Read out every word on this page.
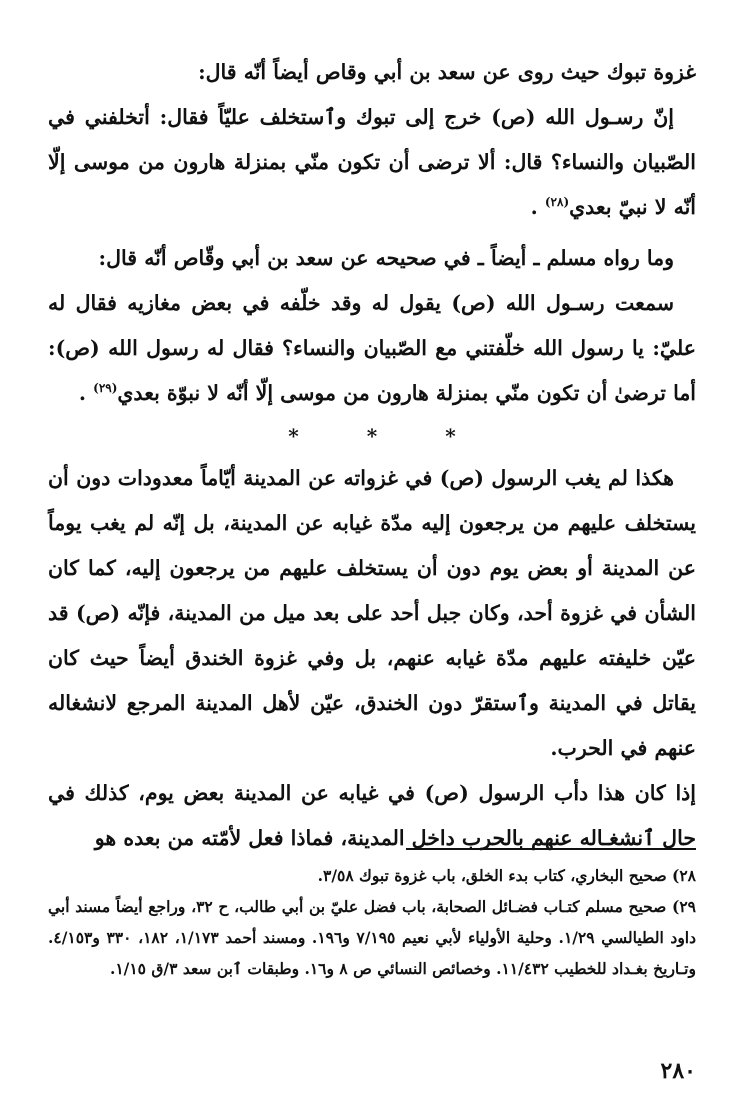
غزوة تبوك حيث روى عن سعد بن أبي وقاص أيضاً أنّه قال:

إنّ رسـول الله (ص) خرج إلى تبوك وٱستخلف عليّاً فقال: أتخلفني في الصّبيان والنساء؟ قال: ألا ترضى أن تكون منّي بمنزلة هارون من موسى إلّا أنّه لا نبيّ بعدي$^{(٢٨)}$ .

وما رواه مسلم ـ أيضاً ـ في صحيحه عن سعد بن أبي وقّاص أنّه قال:

سمعت رسـول الله (ص) يقول له وقد خلّفه في بعض مغازيه فقال له عليّ: يا رسول الله خلّفتني مع الصّبيان والنساء؟ فقال له رسول الله (ص): أما ترضىٰ أن تكون منّي بمنزلة هارون من موسى إلّا أنّه لا نبوّة بعدي$^{(٢٩)}$ .

***

هكذا لم يغب الرسول (ص) في غزواته عن المدينة أيّاماً معدودات دون أن يستخلف عليهم من يرجعون إليه مدّة غيابه عن المدينة، بل إنّه لم يغب يوماً عن المدينة أو بعض يوم دون أن يستخلف عليهم من يرجعون إليه، كما كان الشأن في غزوة أحد، وكان جبل أحد على بعد ميل من المدينة، فإنّه (ص) قد عيّن خليفته عليهم مدّة غيابه عنهم، بل وفي غزوة الخندق أيضاً حيث كان يقاتل في المدينة وٱستقرّ دون الخندق، عيّن لأهل المدينة المرجع لانشغاله عنهم في الحرب.

إذا كان هذا دأب الرسول (ص) في غيابه عن المدينة بعض يوم، كذلك في حال ٱنشغـاله عنهم بالحرب داخل المدينة، فماذا فعل لأمّته من بعده هو

٢٨) صحيح البخاري، كتاب بدء الخلق، باب غزوة تبوك ٣/٥٨.

٢٩) صحيح مسلم كتـاب فضـائل الصحابة، باب فضل عليّ بن أبي طالب، ح ٣٢، وراجع أيضاً مسند أبي داود الطيالسي ١/٢٩. وحلية الأولياء لأبي نعيم ٧/١٩٥ و١٩٦. ومسند أحمد ١/١٧٣، ١٨٢، ٣٣٠ و٤/١٥٣. وتـاريخ بغـداد للخطيب ١١/٤٣٢. وخصائص النسائي ص ٨ و١٦. وطبقات ٱبن سعد ٣/ق ١/١٥.

٢٨٠
